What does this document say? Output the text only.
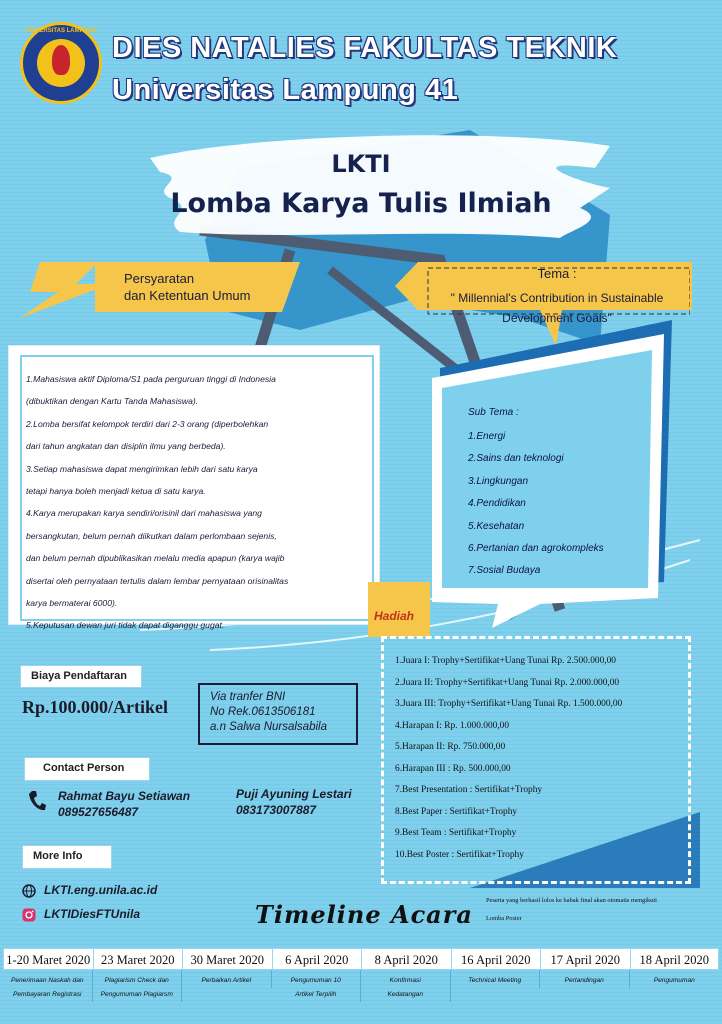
UNIVERSITAS LAMPUNG
DIES NATALIES FAKULTAS TEKNIK
Universitas Lampung 41
LKTI
Lomba Karya Tulis Ilmiah
Persyaratan
dan Ketentuan Umum
Tema :
" Millennial's Contribution in Sustainable
Development Goals"
1.Mahasiswa aktif Diploma/S1 pada perguruan tinggi di Indonesia
(dibuktikan dengan Kartu Tanda Mahasiswa).
2.Lomba bersifat kelompok terdiri dari 2-3 orang (diperbolehkan
dari tahun angkatan dan disiplin ilmu yang berbeda).
3.Setiap mahasiswa dapat mengirimkan lebih dari satu karya
tetapi hanya boleh menjadi ketua di satu karya.
4.Karya merupakan karya sendiri/orisinil dari mahasiswa yang
bersangkutan, belum pernah diikutkan dalam perlombaan sejenis,
dan belum pernah dipublikasikan melalu media apapun (karya wajib
disertai oleh pernyataan tertulis dalam lembar pernyataan orisinalitas
karya bermaterai 6000).
5.Keputusan dewan juri tidak dapat diganggu gugat.
Sub Tema :
1.Energi
2.Sains dan teknologi
3.Lingkungan
4.Pendidikan
5.Kesehatan
6.Pertanian dan agrokompleks
7.Sosial Budaya
Hadiah
1.Juara I: Trophy+Sertifikat+Uang Tunai Rp. 2.500.000,00
2.Juara II: Trophy+Sertifikat+Uang Tunai Rp. 2.000.000,00
3.Juara III: Trophy+Sertifikat+Uang Tunai Rp. 1.500.000,00
4.Harapan I: Rp. 1.000.000,00
5.Harapan II: Rp. 750.000,00
6.Harapan III : Rp. 500.000,00
7.Best Presentation : Sertifikat+Trophy
8.Best Paper : Sertifikat+Trophy
9.Best Team : Sertifikat+Trophy
10.Best Poster : Sertifikat+Trophy
Peserta yang berhasil lolos ke babak final akan otomatis mengikuti
Lomba Poster
Biaya Pendaftaran
Rp.100.000/Artikel	Via tranfer BNI
No Rek.0613506181
a.n Salwa Nursalsabila
Contact Person
Rahmat Bayu Setiawan
089527656487
Puji Ayuning Lestari
083173007887
More Info
LKTI.eng.unila.ac.id
LKTIDiesFTUnila	Timeline Acara
1-20 Maret 2020
Penerimaan Naskah dan
Pembayaran Registrasi
23 Maret 2020
Plagiarism Check dan
Pengumuman Plagiarsm
30 Maret 2020
Perbaikan Artikel
6 April 2020
Pengumuman 10
Artikel Terpilih
8 April 2020
Konfirmasi
Kedatangan
16 April 2020
Technical Meeting
17 April 2020
Pertandingan
18 April 2020
Pengumuman
